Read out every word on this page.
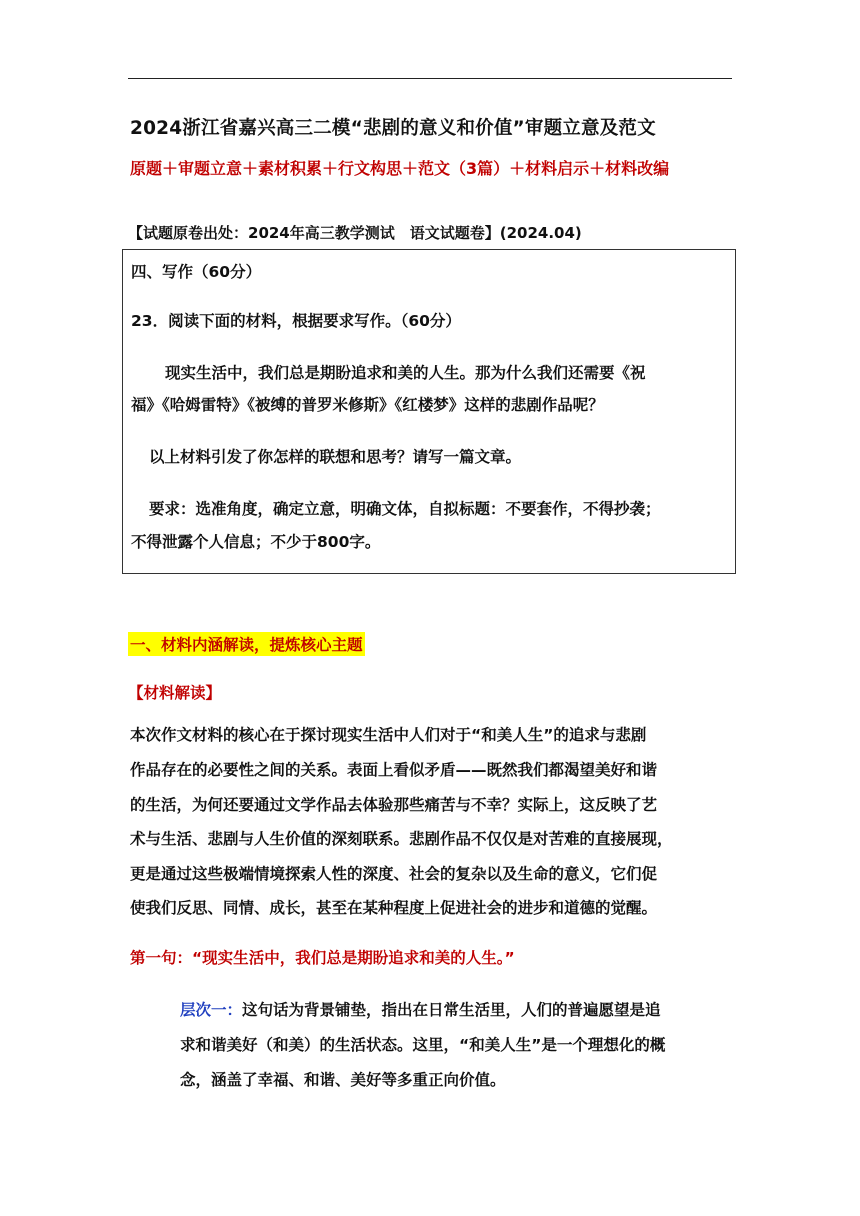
2024浙江省嘉兴高三二模“悲剧的意义和价值”审题立意及范文
原题＋审题立意＋素材积累＋行文构思＋范文（3篇）＋材料启示＋材料改编
【试题原卷出处：2024年高三教学测试　语文试题卷】(2024.04)
四、写作（60分）
23．阅读下面的材料，根据要求写作。（60分）
现实生活中，我们总是期盼追求和美的人生。那为什么我们还需要《祝
福》《哈姆雷特》《被缚的普罗米修斯》《红楼梦》这样的悲剧作品呢？
以上材料引发了你怎样的联想和思考？请写一篇文章。
要求：选准角度，确定立意，明确文体，自拟标题：不要套作，不得抄袭；
不得泄露个人信息；不少于800字。
一、材料内涵解读，提炼核心主题
【材料解读】
本次作文材料的核心在于探讨现实生活中人们对于“和美人生”的追求与悲剧
作品存在的必要性之间的关系。表面上看似矛盾——既然我们都渴望美好和谐
的生活，为何还要通过文学作品去体验那些痛苦与不幸？实际上，这反映了艺
术与生活、悲剧与人生价值的深刻联系。悲剧作品不仅仅是对苦难的直接展现，
更是通过这些极端情境探索人性的深度、社会的复杂以及生命的意义，它们促
使我们反思、同情、成长，甚至在某种程度上促进社会的进步和道德的觉醒。
第一句：“现实生活中，我们总是期盼追求和美的人生。”
层次一：这句话为背景铺垫，指出在日常生活里，人们的普遍愿望是追
求和谐美好（和美）的生活状态。这里，“和美人生”是一个理想化的概
念，涵盖了幸福、和谐、美好等多重正向价值。
